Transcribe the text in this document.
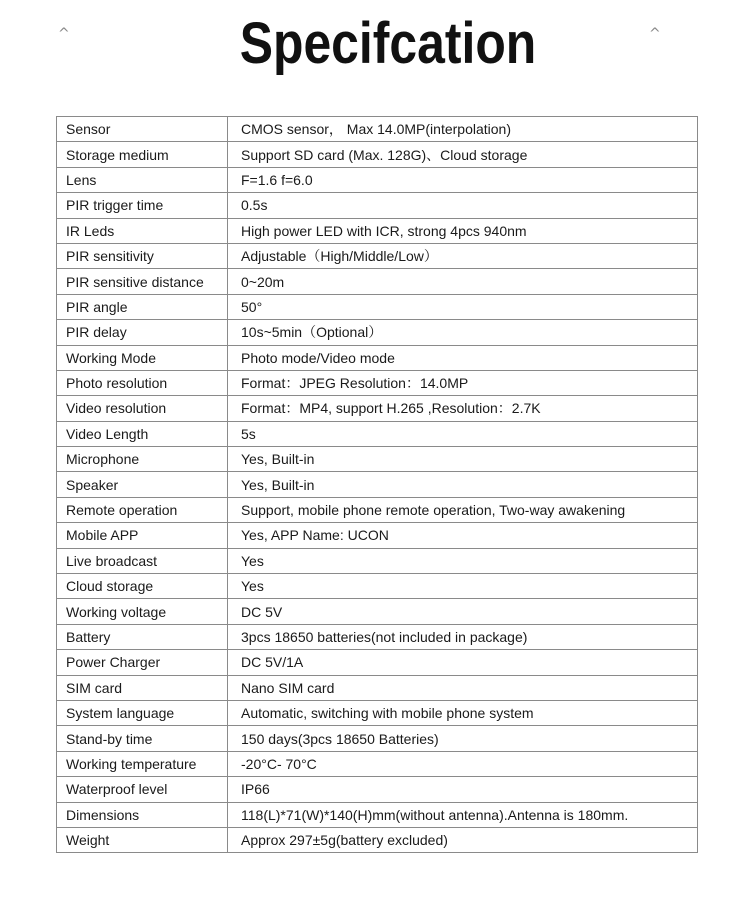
^	^
Specifcation
Sensor	CMOS sensor， Max 14.0MP(interpolation)
Storage medium	Support SD card (Max. 128G)、Cloud storage
Lens	F=1.6 f=6.0
PIR trigger time	0.5s
IR Leds	High power LED with ICR, strong 4pcs 940nm
PIR sensitivity	Adjustable（High/Middle/Low）
PIR sensitive distance	0~20m
PIR angle	50°
PIR delay	10s~5min（Optional）
Working Mode	Photo mode/Video mode
Photo resolution	Format：JPEG Resolution：14.0MP
Video resolution	Format：MP4, support H.265 ,Resolution：2.7K
Video Length	5s
Microphone	Yes, Built-in
Speaker	Yes, Built-in
Remote operation	Support, mobile phone remote operation, Two-way awakening
Mobile APP	Yes, APP Name: UCON
Live broadcast	Yes
Cloud storage	Yes
Working voltage	DC 5V
Battery	3pcs 18650 batteries(not included in package)
Power Charger	DC 5V/1A
SIM card	Nano SIM card
System language	Automatic, switching with mobile phone system
Stand-by time	150 days(3pcs 18650 Batteries)
Working temperature	-20°C- 70°C
Waterproof level	IP66
Dimensions	118(L)*71(W)*140(H)mm(without antenna).Antenna is 180mm.
Weight	Approx 297±5g(battery excluded)
